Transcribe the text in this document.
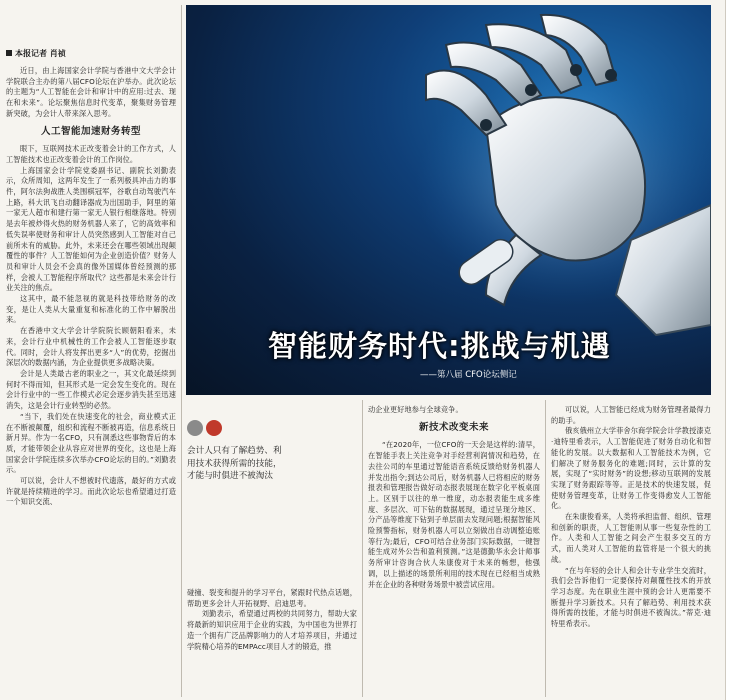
本报记者 肖祯

近日，由上海国家会计学院与香港中文大学会计学院联合主办的第八届CFO论坛在沪举办。此次论坛的主题为“人工智能在会计和审计中的应用:过去、现在和未来”。论坛聚焦信息时代变革，聚集财务管理新突破，为会计人带来深入思考。

人工智能加速财务转型

眼下，互联网技术正改变着会计的工作方式，人工智能技术也正改变着会计的工作岗位。

上海国家会计学院党委副书记、副院长刘勤表示，众所周知，这两年发生了一系列极具冲击力的事件，阿尔法狗战胜人类围棋冠军，谷歌自动驾驶汽车上路，科大讯飞自动翻译器成为出国助手，阿里的第一家无人超市和建行第一家无人银行相继落地。特别是去年被炒得火热的财务机器人来了，它的高效率和低失误率使财务和审计人员突然感到人工智能对自己前所未有的威胁。此外，未来还会在哪些领域出现颠覆性的事件？人工智能如何为企业创造价值？财务人员和审计人员会不会真的像外国媒体曾经预测的那样，会被人工智能程序所取代？这些都是未来会计行业关注的焦点。

这其中，最不能忽视的就是科技带给财务的改变，是让人类从大量重复和标准化的工作中解脱出来。

在香港中文大学会计学院院长顾朝阳看来，未来，会计行业中机械性的工作会被人工智能逐步取代。同时，会计人将发挥出更多“人”的优势，挖掘出深层次的数据内涵，为企业提供更多战略决策。

会计是人类最古老的职业之一，其文化最延续到何时不得而知，但其形式是一定会发生变化的。现在会计行业中的一些工作模式必定会逐步消失甚至迅速消失，这是会计行业转型的必然。

“当下，我们处在快速变化的社会，商业模式正在不断被颠覆，组织和流程不断被再造，信息系统日新月异。作为一名CFO，只有洞悉这些事物背后的本质，才能带领企业从容应对世界的变化，这也是上海国家会计学院连续多次举办CFO论坛的目的。”刘勤表示。

可以说，会计人不想被时代遗落，最好的方式或许就是持续精进的学习。而此次论坛也希望通过打造一个知识交流、

智能财务时代:挑战与机遇
——第八届 CFO论坛侧记
会计人只有了解趋势、利用技术获得所需的技能，才能与时俱进不被淘汰
碰撞、裂变和提升的学习平台，紧跟时代热点话题，帮助更多会计人开拓视野、启迪思考。
　　刘勤表示，希望通过两校的共同努力，帮助大家将最新的知识应用于企业的实践，为中国也为世界打造一个拥有广泛品牌影响力的人才培养项目，并通过学院精心培养的EMPAcc项目人才的锻造，推

动企业更好地参与全球竞争。

新技术改变未来

“在2020年，一位CFO的一天会是这样的:清早，在智能手表上关注竞争对手经营利润情况和趋势，在去往公司的车里通过智能语音系统反馈给财务机器人并发出指令;到达公司后，财务机器人已将相应的财务报表和管理报告做好动态报表展现在数字化平板桌面上。区别于以往的单一维度，动态报表能生成多维度、多层次、可下钻的数据展现，通过呈现分地区、分产品等维度下钻到子单层面去发现问题;根据智能风险预警指标，财务机器人可以立刻做出自动调整追账等行为;最后，CFO可结合业务部门实际数据，一键智能生成对外公告和盈利预测。”这是德勤华永会计师事务所审计咨询合伙人朱康俊对于未来的畅想，他强调，以上描述的场景所利用的技术现在已经相当成熟并在企业的各种财务场景中被尝试应用。

可以说，人工智能已经成为财务管理者最得力的助手。

俄亥俄州立大学菲舍尔商学院会计学教授漆克·迪特里希表示，人工智能促进了财务自动化和智能化的发展。以大数据和人工智能技术为例，它们解决了财务服务化的难题;同时，云计算的发展，实现了“实时财务”的设想;移动互联网的发展实现了财务跟踪等等。正是技术的快速发展，促使财务管理变革，让财务工作变得愈发人工智能化。

在朱康俊看来，人类将承担监督、组织、管理和创新的职责，人工智能则从事一些复杂性的工作。人类和人工智能之间会产生很多交互的方式，而人类对人工智能的监管将是一个很大的挑战。

“在与年轻的会计人和会计专业学生交流时，我们会告诉他们一定要保持对颠覆性技术的开放学习态度。先在职业生涯中预的会计人更需要不断提升学习新技术。只有了解趋势、利用技术获得所需的技能，才能与时俱进不被淘汰。”蒂克·迪特里希表示。
